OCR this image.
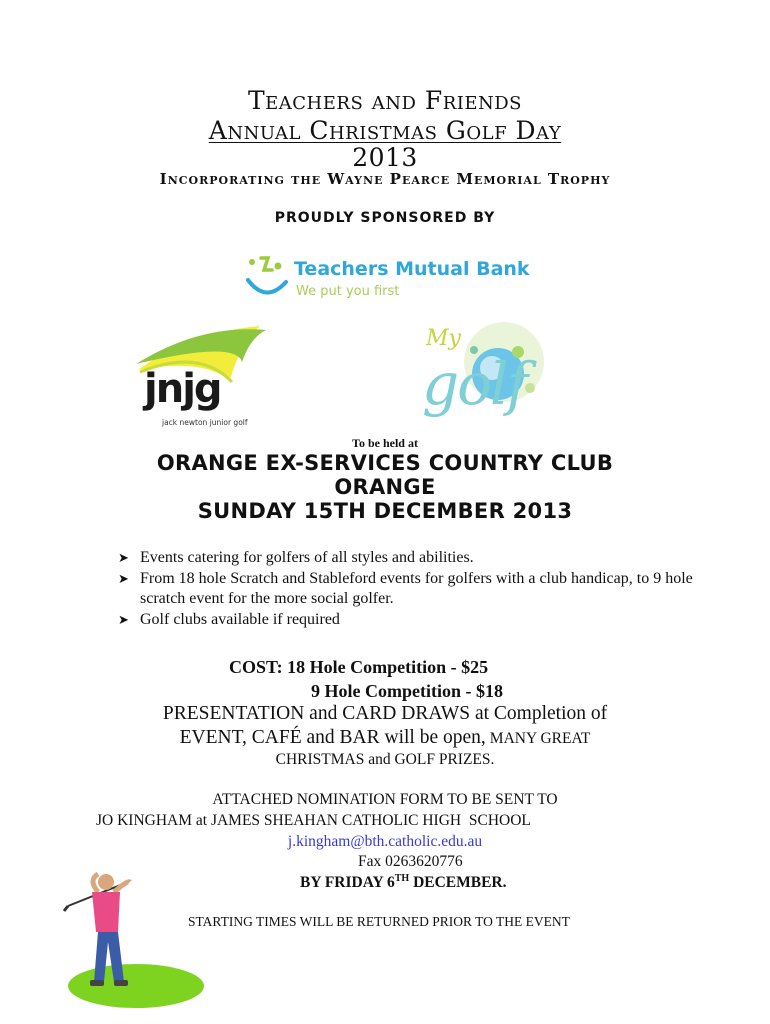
Teachers and Friends
Annual Christmas Golf Day
2013
Incorporating the Wayne Pearce Memorial Trophy
PROUDLY SPONSORED BY
Teachers Mutual Bank
We put you first
jnjg
jack newton junior golf
My
golf
To be held at
ORANGE EX-SERVICES COUNTRY CLUB
ORANGE
SUNDAY 15TH DECEMBER 2013
➤ Events catering for golfers of all styles and abilities.
➤ From 18 hole Scratch and Stableford events for golfers with a club handicap, to 9 hole scratch event for the more social golfer.
➤ Golf clubs available if required
COST: 18 Hole Competition - $25
9 Hole Competition - $18
PRESENTATION and CARD DRAWS at Completion of
EVENT, CAFÉ and BAR will be open, MANY GREAT
CHRISTMAS and GOLF PRIZES.
ATTACHED NOMINATION FORM TO BE SENT TO
JO KINGHAM at JAMES SHEAHAN CATHOLIC HIGH  SCHOOL
j.kingham@bth.catholic.edu.au
Fax 0263620776
BY FRIDAY 6TH DECEMBER.
STARTING TIMES WILL BE RETURNED PRIOR TO THE EVENT
